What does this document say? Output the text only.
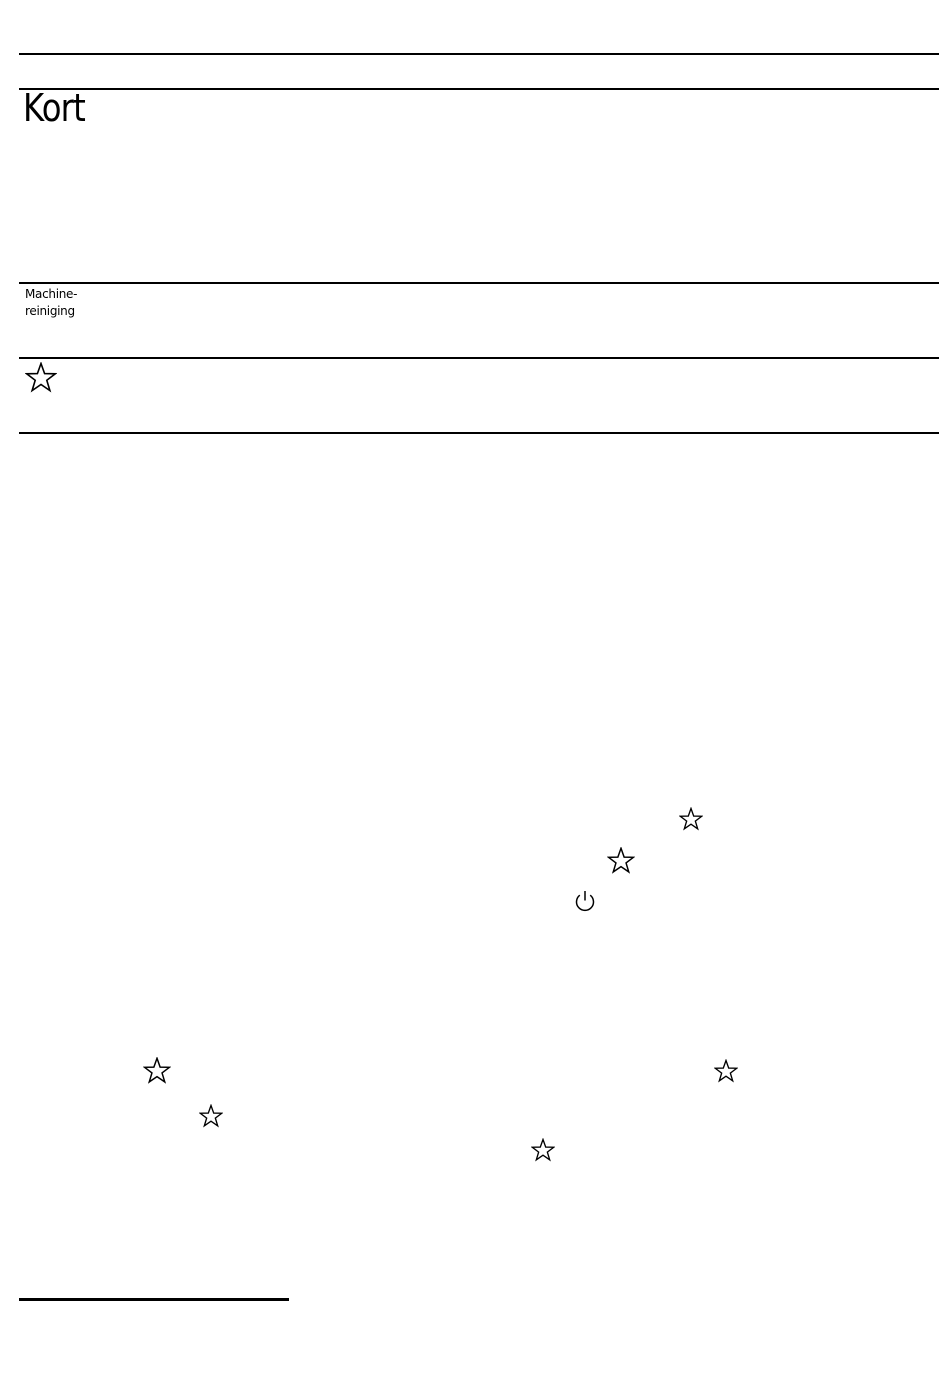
Kort
Machine-
reiniging
